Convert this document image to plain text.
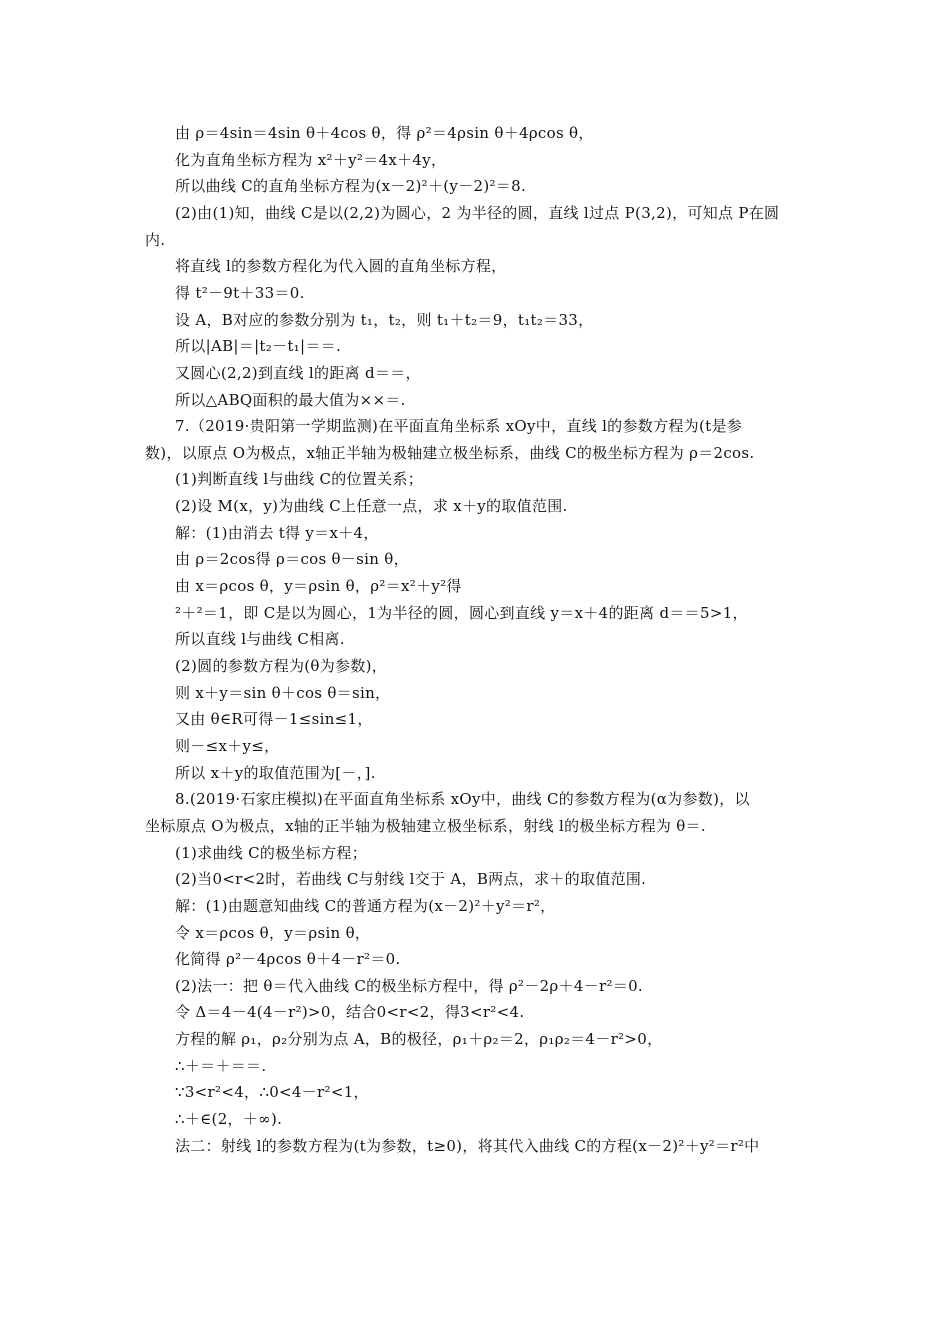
由 ρ＝4sin＝4sin θ＋4cos θ，得 ρ²＝4ρsin θ＋4ρcos θ，
化为直角坐标方程为 x²＋y²＝4x＋4y，
所以曲线 C的直角坐标方程为(x－2)²＋(y－2)²＝8.
(2)由(1)知，曲线 C是以(2,2)为圆心，2 为半径的圆，直线 l过点 P(3,2)，可知点 P在圆
内.
将直线 l的参数方程化为代入圆的直角坐标方程，
得 t²－9t＋33＝0.
设 A，B对应的参数分别为 t₁，t₂，则 t₁＋t₂＝9，t₁t₂＝33，
所以|AB|＝|t₂－t₁|＝＝.
又圆心(2,2)到直线 l的距离 d＝＝，
所以△ABQ面积的最大值为××＝.
7.（2019·贵阳第一学期监测)在平面直角坐标系 xOy中，直线 l的参数方程为(t是参
数)，以原点 O为极点，x轴正半轴为极轴建立极坐标系，曲线 C的极坐标方程为 ρ＝2cos.
(1)判断直线 l与曲线 C的位置关系；
(2)设 M(x，y)为曲线 C上任意一点，求 x＋y的取值范围.
解：(1)由消去 t得 y＝x＋4，
由 ρ＝2cos得 ρ＝cos θ－sin θ，
由 x＝ρcos θ，y＝ρsin θ，ρ²＝x²＋y²得
²＋²＝1，即 C是以为圆心，1为半径的圆，圆心到直线 y＝x＋4的距离 d＝＝5>1，
所以直线 l与曲线 C相离.
(2)圆的参数方程为(θ为参数)，
则 x＋y＝sin θ＋cos θ＝sin，
又由 θ∈R可得－1≤sin≤1，
则－≤x＋y≤，
所以 x＋y的取值范围为[－，].
8.(2019·石家庄模拟)在平面直角坐标系 xOy中，曲线 C的参数方程为(α为参数)，以
坐标原点 O为极点，x轴的正半轴为极轴建立极坐标系，射线 l的极坐标方程为 θ＝.
(1)求曲线 C的极坐标方程；
(2)当0<r<2时，若曲线 C与射线 l交于 A，B两点，求＋的取值范围.
解：(1)由题意知曲线 C的普通方程为(x－2)²＋y²＝r²，
令 x＝ρcos θ，y＝ρsin θ，
化简得 ρ²－4ρcos θ＋4－r²＝0.
(2)法一：把 θ＝代入曲线 C的极坐标方程中，得 ρ²－2ρ＋4－r²＝0.
令 Δ＝4－4(4－r²)>0，结合0<r<2，得3<r²<4.
方程的解 ρ₁，ρ₂分别为点 A，B的极径，ρ₁＋ρ₂＝2，ρ₁ρ₂＝4－r²>0，
∴＋＝＋＝＝.
∵3<r²<4，∴0<4－r²<1，
∴＋∈(2，＋∞).
法二：射线 l的参数方程为(t为参数，t≥0)，将其代入曲线 C的方程(x－2)²＋y²＝r²中
